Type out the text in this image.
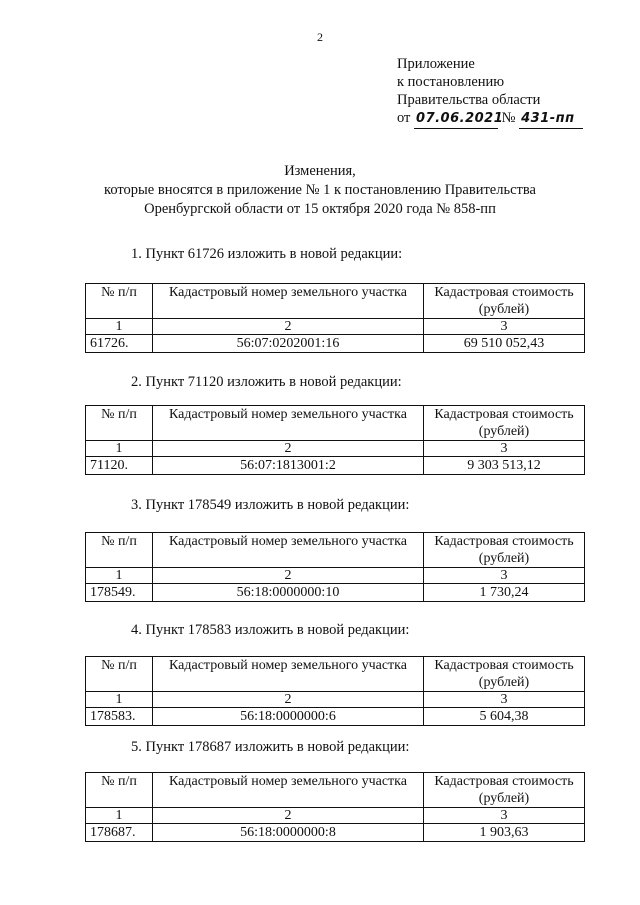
2
Приложение
к постановлению
Правительства области
от 07.06.2021 № 431-пп
Изменения,
которые вносятся в приложение № 1 к постановлению Правительства
Оренбургской области от 15 октября 2020 года № 858-пп
1. Пункт 61726 изложить в новой редакции:
№ п/п	Кадастровый номер земельного участка	Кадастровая стоимость
(рублей)

1	2	3
61726.	56:07:0202001:16	69 510 052,43
2. Пункт 71120 изложить в новой редакции:
№ п/п	Кадастровый номер земельного участка	Кадастровая стоимость
(рублей)

1	2	3
71120.	56:07:1813001:2	9 303 513,12
3. Пункт 178549 изложить в новой редакции:
№ п/п	Кадастровый номер земельного участка	Кадастровая стоимость
(рублей)

1	2	3
178549.	56:18:0000000:10	1 730,24
4. Пункт 178583 изложить в новой редакции:
№ п/п	Кадастровый номер земельного участка	Кадастровая стоимость
(рублей)

1	2	3
178583.	56:18:0000000:6	5 604,38
5. Пункт 178687 изложить в новой редакции:
№ п/п	Кадастровый номер земельного участка	Кадастровая стоимость
(рублей)

1	2	3
178687.	56:18:0000000:8	1 903,63
